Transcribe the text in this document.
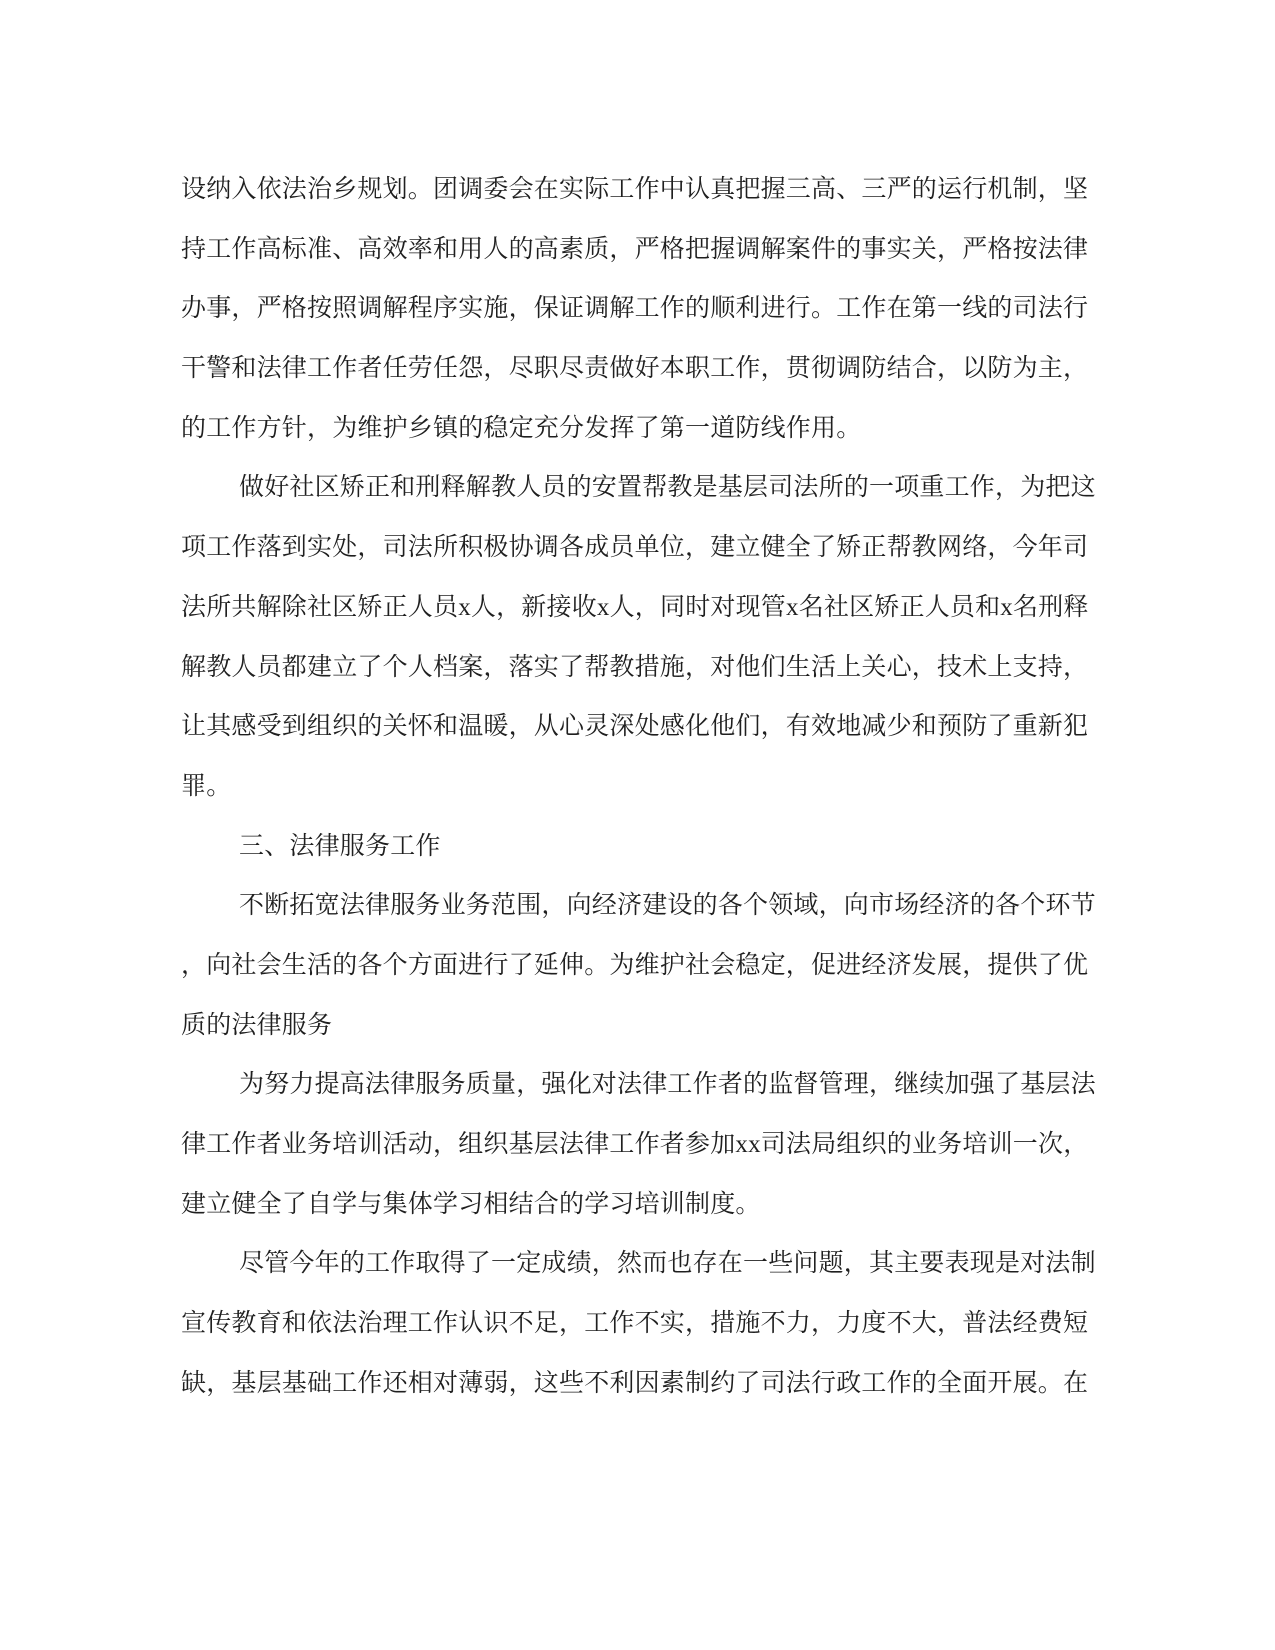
设纳入依法治乡规划。团调委会在实际工作中认真把握三高、三严的运行机制，坚
持工作高标准、高效率和用人的高素质，严格把握调解案件的事实关，严格按法律
办事，严格按照调解程序实施，保证调解工作的顺利进行。工作在第一线的司法行
干警和法律工作者任劳任怨，尽职尽责做好本职工作，贯彻调防结合，以防为主，
的工作方针，为维护乡镇的稳定充分发挥了第一道防线作用。
做好社区矫正和刑释解教人员的安置帮教是基层司法所的一项重工作，为把这
项工作落到实处，司法所积极协调各成员单位，建立健全了矫正帮教网络，今年司
法所共解除社区矫正人员x人，新接收x人，同时对现管x名社区矫正人员和x名刑释
解教人员都建立了个人档案，落实了帮教措施，对他们生活上关心，技术上支持，
让其感受到组织的关怀和温暖，从心灵深处感化他们，有效地减少和预防了重新犯
罪。
三、法律服务工作
不断拓宽法律服务业务范围，向经济建设的各个领域，向市场经济的各个环节
，向社会生活的各个方面进行了延伸。为维护社会稳定，促进经济发展，提供了优
质的法律服务
为努力提高法律服务质量，强化对法律工作者的监督管理，继续加强了基层法
律工作者业务培训活动，组织基层法律工作者参加xx司法局组织的业务培训一次，
建立健全了自学与集体学习相结合的学习培训制度。
尽管今年的工作取得了一定成绩，然而也存在一些问题，其主要表现是对法制
宣传教育和依法治理工作认识不足，工作不实，措施不力，力度不大，普法经费短
缺，基层基础工作还相对薄弱，这些不利因素制约了司法行政工作的全面开展。在
